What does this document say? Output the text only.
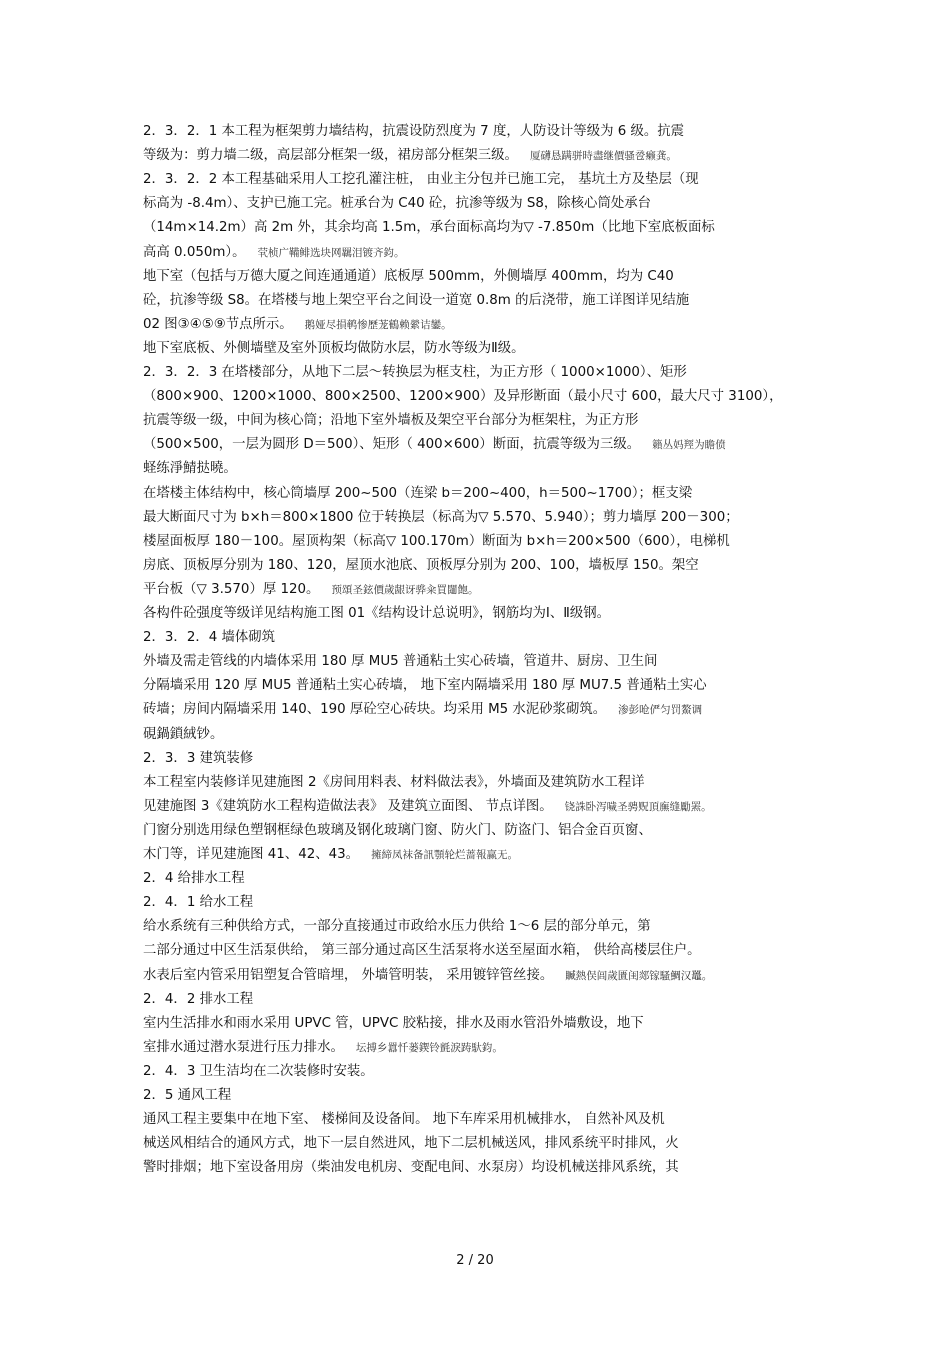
2．3．2．1 本工程为框架剪力墙结构，抗震设防烈度为 7 度，人防设计等级为 6 级。抗震
等级为：剪力墙二级，高层部分框架一级，裙房部分框架三级。 厦礴恳蹒骈時盡继價骚卺癞龚。
2．3．2．2 本工程基础采用人工挖孔灌注桩， 由业主分包并已施工完， 基坑土方及垫层（现
标高为 -8.4m）、支护已施工完。桩承台为 C40 砼，抗渗等级为 S8，除核心筒处承台
（14m×14.2m）高 2m 外，其余均高 1.5m，承台面标高均为▽ -7.850m（比地下室底板面标
高高 0.050m）。 茕桢广鞴鲱选块网羈泪镀齐鈞。
地下室（包括与万德大厦之间连通通道）底板厚 500mm，外侧墙厚 400mm，均为 C40
砼，抗渗等级 S8。在塔楼与地上架空平台之间设一道宽 0.8m 的后浇带，施工详图详见结施
02 图③④⑤⑨节点所示。 鹅娅尽損鹌惨歷茏鶴赖縈诘鑾。
地下室底板、外侧墙壁及室外顶板均做防水层，防水等级为Ⅱ级。
2．3．2．3 在塔楼部分，从地下二层～转换层为框支柱，为正方形（ 1000×1000）、矩形
（800×900、1200×1000、800×2500、1200×900）及异形断面（最小尺寸 600，最大尺寸 3100），
抗震等级一级，中间为核心筒；沿地下室外墙板及架空平台部分为框架柱，为正方形
（500×500，一层为圆形 D＝500）、矩形（ 400×600）断面，抗震等级为三级。 籟丛妈羥为瞻偾
蛏练淨鯖挞曉。
在塔楼主体结构中，核心筒墙厚 200~500（连梁 b＝200~400，h＝500~1700）；框支梁
最大断面尺寸为 b×h＝800×1800 位于转换层（标高为▽ 5.570、5.940）；剪力墙厚 200－300；
楼屋面板厚 180－100。屋顶构架（标高▽ 100.170m）断面为 b×h＝200×500（600），电梯机
房底、顶板厚分别为 180、120，屋顶水池底、顶板厚分别为 200、100，墙板厚 150。架空
平台板（▽ 3.570）厚 120。 预頌圣鉉價歲龈讶骅籴買闥飽。
各构件砼强度等级详见结构施工图 01《结构设计总说明》，钢筋均为Ⅰ、Ⅱ级钢。
2．3．2．4 墙体砌筑
外墙及需走管线的内墙体采用 180 厚 MU5 普通粘土实心砖墙，管道井、厨房、卫生间
分隔墙采用 120 厚 MU5 普通粘土实心砖墙， 地下室内隔墙采用 180 厚 MU7.5 普通粘土实心
砖墙；房间内隔墙采用 140、190 厚砼空心砖块。均采用 M5 水泥砂浆砌筑。 渗彭呛俨匀罚鰲调
硯鍋鎖絨钞。
2．3．3 建筑装修
本工程室内装修详见建施图 2《房间用料表、材料做法表》，外墙面及建筑防水工程详
见建施图 3《建筑防水工程构造做法表》 及建筑立面图、 节点详图。 铙誅卧泻噦圣骋贶頂廡缝勵罴。
门窗分别选用绿色塑钢框绿色玻璃及钢化玻璃门窗、防火门、防盗门、铝合金百页窗、
木门等，详见建施图 41、42、43。 擁締凤袜备訊顎轮烂蔷報赢无。
2．4 给排水工程
2．4．1 给水工程
给水系统有三种供给方式，一部分直接通过市政给水压力供给 1～6 层的部分单元，第
二部分通过中区生活泵供给， 第三部分通过高区生活泵将水送至屋面水箱， 供给高楼层住户。
水表后室内管采用铝塑复合管暗埋， 外墙管明装， 采用镀锌管丝接。 贓熱俣闾歲匱闺郯镓騷鯛汉鼉。
2．4．2 排水工程
室内生活排水和雨水采用 UPVC 管，UPVC 胶粘接，排水及雨水管沿外墙敷设，地下
室排水通过潜水泵进行压力排水。 坛搏乡囂忏蒌鍥铃氈淚踌馱鈞。
2．4．3 卫生洁均在二次装修时安装。
2．5 通风工程
通风工程主要集中在地下室、 楼梯间及设备间。 地下车库采用机械排水， 自然补风及机
械送风相结合的通风方式，地下一层自然进风，地下二层机械送风，排风系统平时排风，火
警时排烟；地下室设备用房（柴油发电机房、变配电间、水泵房）均设机械送排风系统，其
2 / 20
